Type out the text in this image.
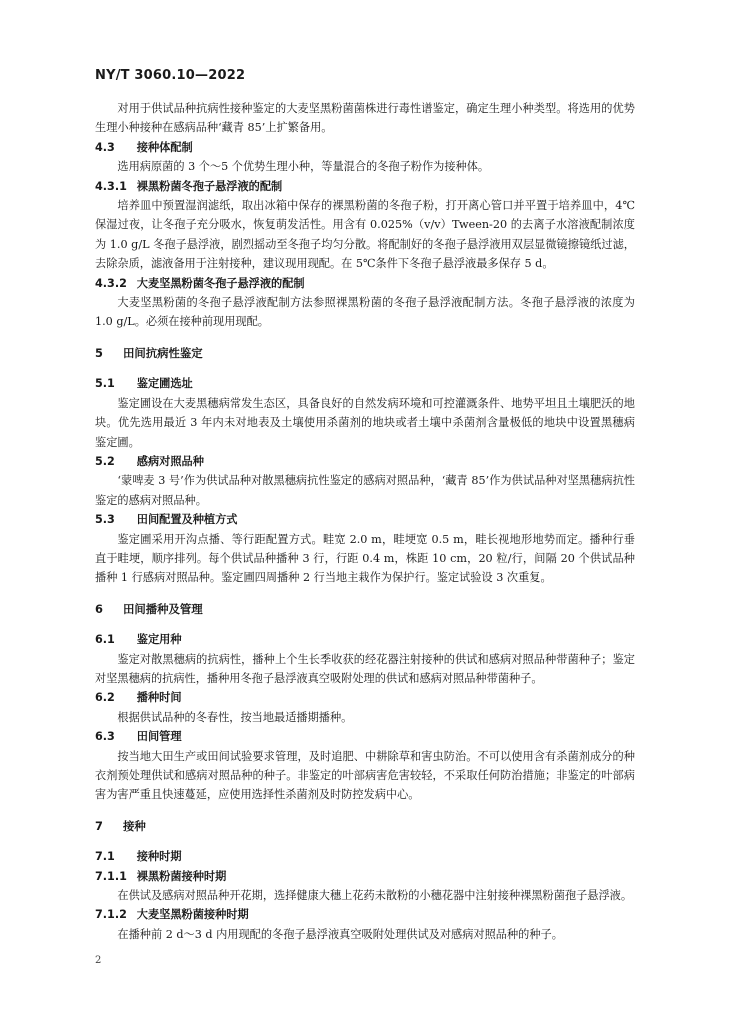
NY/T 3060.10—2022

对用于供试品种抗病性接种鉴定的大麦坚黑粉菌菌株进行毒性谱鉴定，确定生理小种类型。将选用的优势生理小种接种在感病品种‘藏青 85’上扩繁备用。

4.3 接种体配制

选用病原菌的 3 个～5 个优势生理小种，等量混合的冬孢子粉作为接种体。

4.3.1 裸黑粉菌冬孢子悬浮液的配制

培养皿中预置湿润滤纸，取出冰箱中保存的裸黑粉菌的冬孢子粉，打开离心管口并平置于培养皿中，4℃保湿过夜，让冬孢子充分吸水，恢复萌发活性。用含有 0.025%（v/v）Tween-20 的去离子水溶液配制浓度为 1.0 g/L 冬孢子悬浮液，剧烈摇动至冬孢子均匀分散。将配制好的冬孢子悬浮液用双层显微镜擦镜纸过滤，去除杂质，滤液备用于注射接种，建议现用现配。在 5℃条件下冬孢子悬浮液最多保存 5 d。

4.3.2 大麦坚黑粉菌冬孢子悬浮液的配制

大麦坚黑粉菌的冬孢子悬浮液配制方法参照裸黑粉菌的冬孢子悬浮液配制方法。冬孢子悬浮液的浓度为 1.0 g/L。必须在接种前现用现配。

5 田间抗病性鉴定
5.1 鉴定圃选址

鉴定圃设在大麦黑穗病常发生态区，具备良好的自然发病环境和可控灌溉条件、地势平坦且土壤肥沃的地块。优先选用最近 3 年内未对地表及土壤使用杀菌剂的地块或者土壤中杀菌剂含量极低的地块中设置黑穗病鉴定圃。

5.2 感病对照品种

‘蒙啤麦 3 号’作为供试品种对散黑穗病抗性鉴定的感病对照品种，‘藏青 85’作为供试品种对坚黑穗病抗性鉴定的感病对照品种。

5.3 田间配置及种植方式

鉴定圃采用开沟点播、等行距配置方式。畦宽 2.0 m，畦埂宽 0.5 m，畦长视地形地势而定。播种行垂直于畦埂，顺序排列。每个供试品种播种 3 行，行距 0.4 m，株距 10 cm，20 粒/行，间隔 20 个供试品种播种 1 行感病对照品种。鉴定圃四周播种 2 行当地主栽作为保护行。鉴定试验设 3 次重复。

6 田间播种及管理
6.1 鉴定用种

鉴定对散黑穗病的抗病性，播种上个生长季收获的经花器注射接种的供试和感病对照品种带菌种子；鉴定对坚黑穗病的抗病性，播种用冬孢子悬浮液真空吸附处理的供试和感病对照品种带菌种子。

6.2 播种时间

根据供试品种的冬春性，按当地最适播期播种。

6.3 田间管理

按当地大田生产或田间试验要求管理，及时追肥、中耕除草和害虫防治。不可以使用含有杀菌剂成分的种衣剂预处理供试和感病对照品种的种子。非鉴定的叶部病害危害较轻，不采取任何防治措施；非鉴定的叶部病害为害严重且快速蔓延，应使用选择性杀菌剂及时防控发病中心。

7 接种
7.1 接种时期
7.1.1 裸黑粉菌接种时期

在供试及感病对照品种开花期，选择健康大穗上花药未散粉的小穗花器中注射接种裸黑粉菌孢子悬浮液。

7.1.2 大麦坚黑粉菌接种时期

在播种前 2 d～3 d 内用现配的冬孢子悬浮液真空吸附处理供试及对感病对照品种的种子。

2
